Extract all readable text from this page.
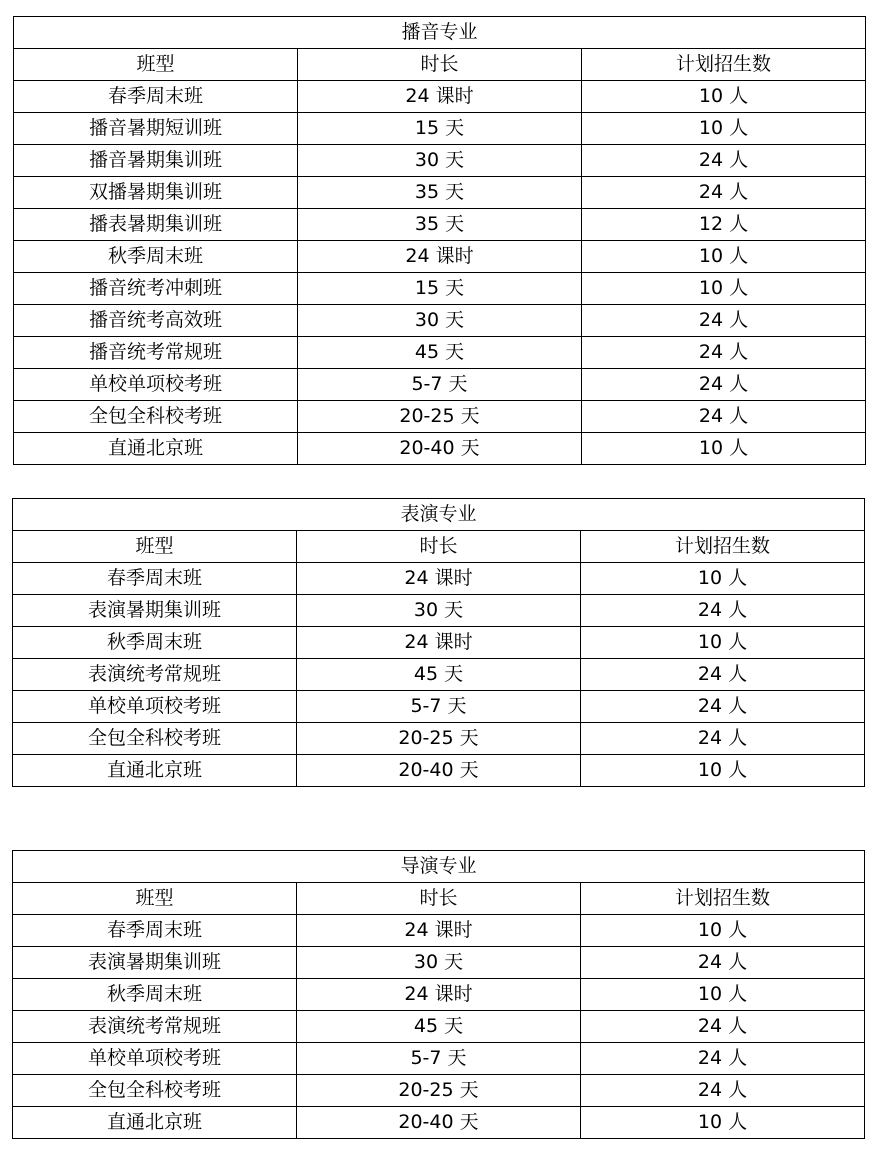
播音专业		
班型	时长	计划招生数
春季周末班	24 课时	10 人
播音暑期短训班	15 天	10 人
播音暑期集训班	30 天	24 人
双播暑期集训班	35 天	24 人
播表暑期集训班	35 天	12 人
秋季周末班	24 课时	10 人
播音统考冲刺班	15 天	10 人
播音统考高效班	30 天	24 人
播音统考常规班	45 天	24 人
单校单项校考班	5-7 天	24 人
全包全科校考班	20-25 天	24 人
直通北京班	20-40 天	10 人
表演专业		
班型	时长	计划招生数
春季周末班	24 课时	10 人
表演暑期集训班	30 天	24 人
秋季周末班	24 课时	10 人
表演统考常规班	45 天	24 人
单校单项校考班	5-7 天	24 人
全包全科校考班	20-25 天	24 人
直通北京班	20-40 天	10 人
导演专业		
班型	时长	计划招生数
春季周末班	24 课时	10 人
表演暑期集训班	30 天	24 人
秋季周末班	24 课时	10 人
表演统考常规班	45 天	24 人
单校单项校考班	5-7 天	24 人
全包全科校考班	20-25 天	24 人
直通北京班	20-40 天	10 人
